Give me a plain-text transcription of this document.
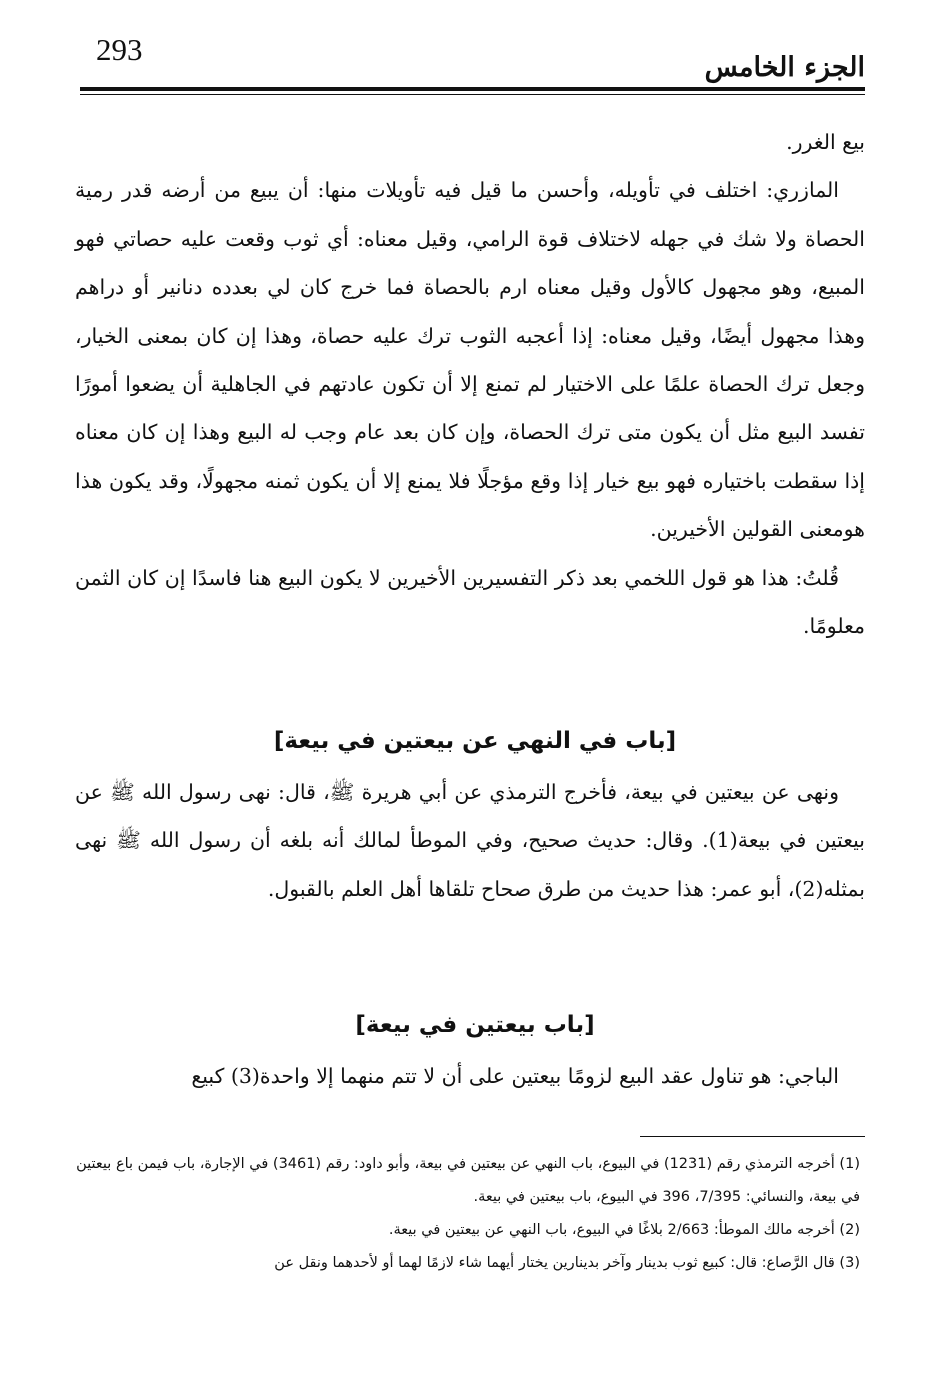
الجزء الخامس
293

بيع الغرر.

المازري: اختلف في تأويله، وأحسن ما قيل فيه تأويلات منها: أن يبيع من أرضه قدر رمية الحصاة ولا شك في جهله لاختلاف قوة الرامي، وقيل معناه: أي ثوب وقعت عليه حصاتي فهو المبيع، وهو مجهول كالأول وقيل معناه ارم بالحصاة فما خرج كان لي بعدده دنانير أو دراهم وهذا مجهول أيضًا، وقيل معناه: إذا أعجبه الثوب ترك عليه حصاة، وهذا إن كان بمعنى الخيار، وجعل ترك الحصاة علمًا على الاختيار لم تمنع إلا أن تكون عادتهم في الجاهلية أن يضعوا أمورًا تفسد البيع مثل أن يكون متى ترك الحصاة، وإن كان بعد عام وجب له البيع وهذا إن كان معناه إذا سقطت باختياره فهو بيع خيار إذا وقع مؤجلًا فلا يمنع إلا أن يكون ثمنه مجهولًا، وقد يكون هذا هومعنى القولين الأخيرين.

قُلتُ: هذا هو قول اللخمي بعد ذكر التفسيرين الأخيرين لا يكون البيع هنا فاسدًا إن كان الثمن معلومًا.

[باب في النهي عن بيعتين في بيعة]

ونهى عن بيعتين في بيعة، فأخرج الترمذي عن أبي هريرة ﷺ، قال: نهى رسول الله ﷺ عن بيعتين في بيعة(1). وقال: حديث صحيح، وفي الموطأ لمالك أنه بلغه أن رسول الله ﷺ نهى بمثله(2)، أبو عمر: هذا حديث من طرق صحاح تلقاها أهل العلم بالقبول.

[باب بيعتين في بيعة]

الباجي: هو تناول عقد البيع لزومًا بيعتين على أن لا تتم منهما إلا واحدة(3) كبيع

(1) أخرجه الترمذي رقم (1231) في البيوع، باب النهي عن بيعتين في بيعة، وأبو داود: رقم (3461) في الإجارة، باب فيمن باع بيعتين في بيعة، والنسائي: 7/395، 396 في البيوع، باب بيعتين في بيعة.

(2) أخرجه مالك الموطأ: 2/663 بلاغًا في البيوع، باب النهي عن بيعتين في بيعة.

(3) قال الرَّصاع: قال: كبيع ثوب بدينار وآخر بدينارين يختار أيهما شاء لازمًا لهما أو لأحدهما ونقل عن
